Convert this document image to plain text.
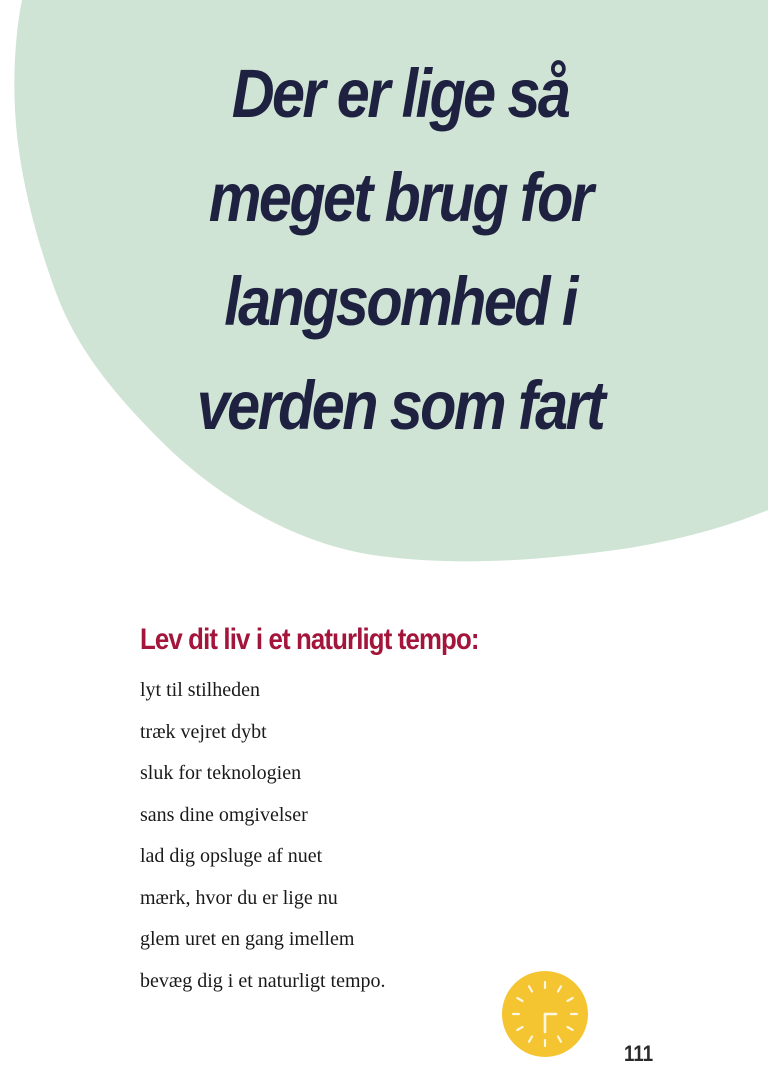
Der er lige så
meget brug for
langsomhed i
verden som fart
Lev dit liv i et naturligt tempo:
lyt til stilheden
træk vejret dybt
sluk for teknologien
sans dine omgivelser
lad dig opsluge af nuet
mærk, hvor du er lige nu
glem uret en gang imellem
bevæg dig i et naturligt tempo.
111
